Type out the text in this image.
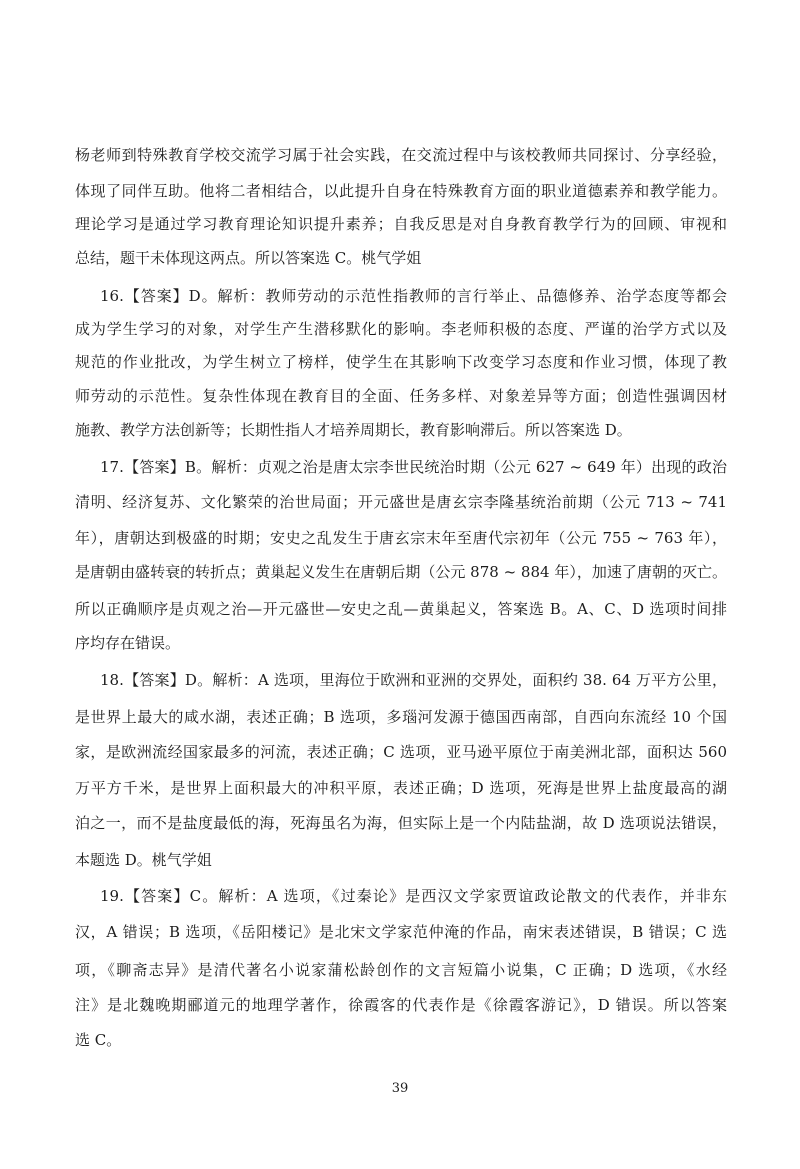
杨老师到特殊教育学校交流学习属于社会实践，在交流过程中与该校教师共同探讨、分享经验，
体现了同伴互助。他将二者相结合，以此提升自身在特殊教育方面的职业道德素养和教学能力。
理论学习是通过学习教育理论知识提升素养；自我反思是对自身教育教学行为的回顾、审视和
总结，题干未体现这两点。所以答案选 C。桃气学姐
16.【答案】D。解析：教师劳动的示范性指教师的言行举止、品德修养、治学态度等都会
成为学生学习的对象，对学生产生潜移默化的影响。李老师积极的态度、严谨的治学方式以及
规范的作业批改，为学生树立了榜样，使学生在其影响下改变学习态度和作业习惯，体现了教
师劳动的示范性。复杂性体现在教育目的全面、任务多样、对象差异等方面；创造性强调因材
施教、教学方法创新等；长期性指人才培养周期长，教育影响滞后。所以答案选 D。
17.【答案】B。解析：贞观之治是唐太宗李世民统治时期（公元 627 ~ 649 年）出现的政治
清明、经济复苏、文化繁荣的治世局面；开元盛世是唐玄宗李隆基统治前期（公元 713 ~ 741
年），唐朝达到极盛的时期；安史之乱发生于唐玄宗末年至唐代宗初年（公元 755 ~ 763 年），
是唐朝由盛转衰的转折点；黄巢起义发生在唐朝后期（公元 878 ~ 884 年），加速了唐朝的灭亡。
所以正确顺序是贞观之治—开元盛世—安史之乱—黄巢起义，答案选 B。A、C、D 选项时间排
序均存在错误。
18.【答案】D。解析：A 选项，里海位于欧洲和亚洲的交界处，面积约 38. 64 万平方公里，
是世界上最大的咸水湖，表述正确；B 选项，多瑙河发源于德国西南部，自西向东流经 10 个国
家，是欧洲流经国家最多的河流，表述正确；C 选项，亚马逊平原位于南美洲北部，面积达 560
万平方千米，是世界上面积最大的冲积平原，表述正确；D 选项，死海是世界上盐度最高的湖
泊之一，而不是盐度最低的海，死海虽名为海，但实际上是一个内陆盐湖，故 D 选项说法错误，
本题选 D。桃气学姐
19.【答案】C。解析：A 选项，《过秦论》是西汉文学家贾谊政论散文的代表作，并非东
汉，A 错误；B 选项，《岳阳楼记》是北宋文学家范仲淹的作品，南宋表述错误，B 错误；C 选
项，《聊斋志异》是清代著名小说家蒲松龄创作的文言短篇小说集，C 正确；D 选项，《水经
注》是北魏晚期郦道元的地理学著作，徐霞客的代表作是《徐霞客游记》，D 错误。所以答案
选 C。
39
